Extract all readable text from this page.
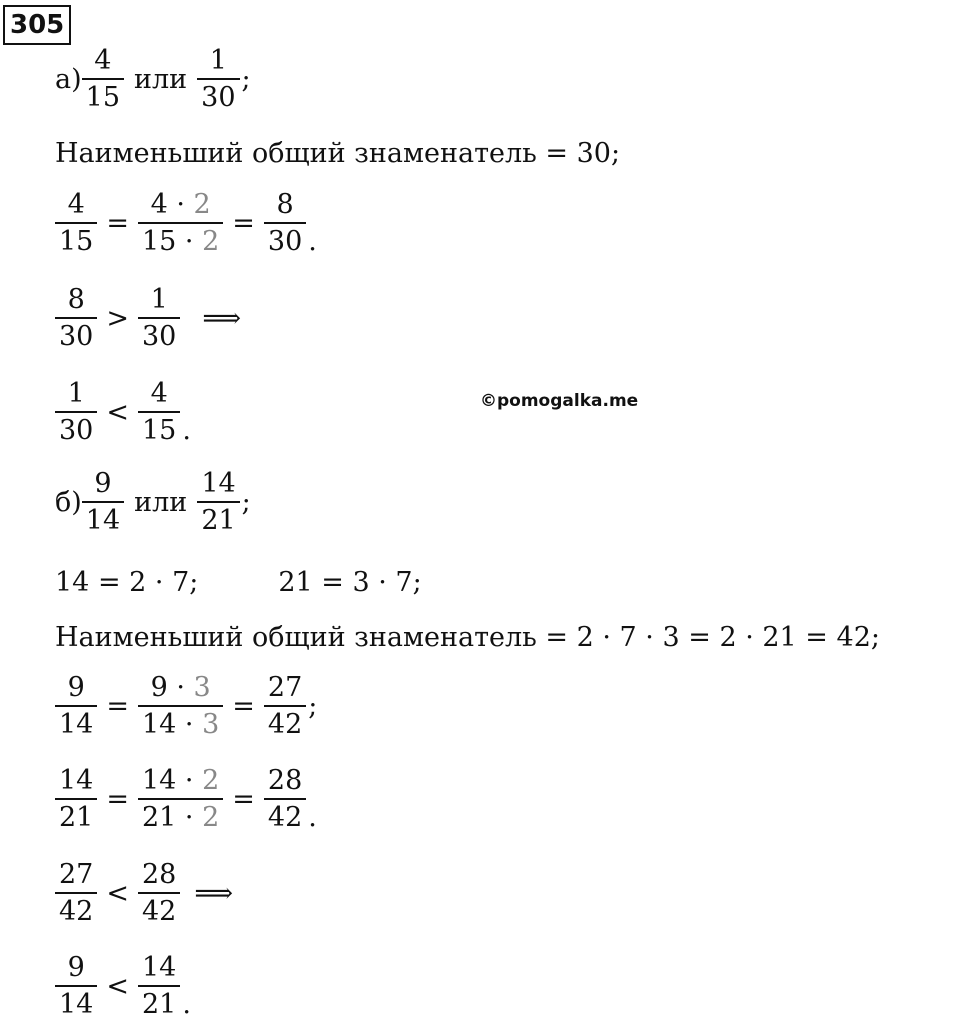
305
©pomogalka.me
$а) \frac{4}{15}$ или $\frac{1}{30}$ ;
Наименьший общий знаменатель = 30;
$\frac{4}{15} = \frac{4 \cdot 2}{15 \cdot 2} = \frac{8}{30}$ .
$\frac{8}{30} > \frac{1}{30}$ ⟹
$\frac{1}{30} < \frac{4}{15}$ .
$б) \frac{9}{14}$ или $\frac{14}{21}$ ;
14 = 2 · 7;	21 = 3 · 7;
Наименьший общий знаменатель = 2 · 7 · 3 = 2 · 21 = 42;
$\frac{9}{14} = \frac{9 \cdot 3}{14 \cdot 3} = \frac{27}{42}$ ;
$\frac{14}{21} = \frac{14 \cdot 2}{21 \cdot 2} = \frac{28}{42}$ .
$\frac{27}{42} < \frac{28}{42}$ ⟹
$\frac{9}{14} < \frac{14}{21}$ .
